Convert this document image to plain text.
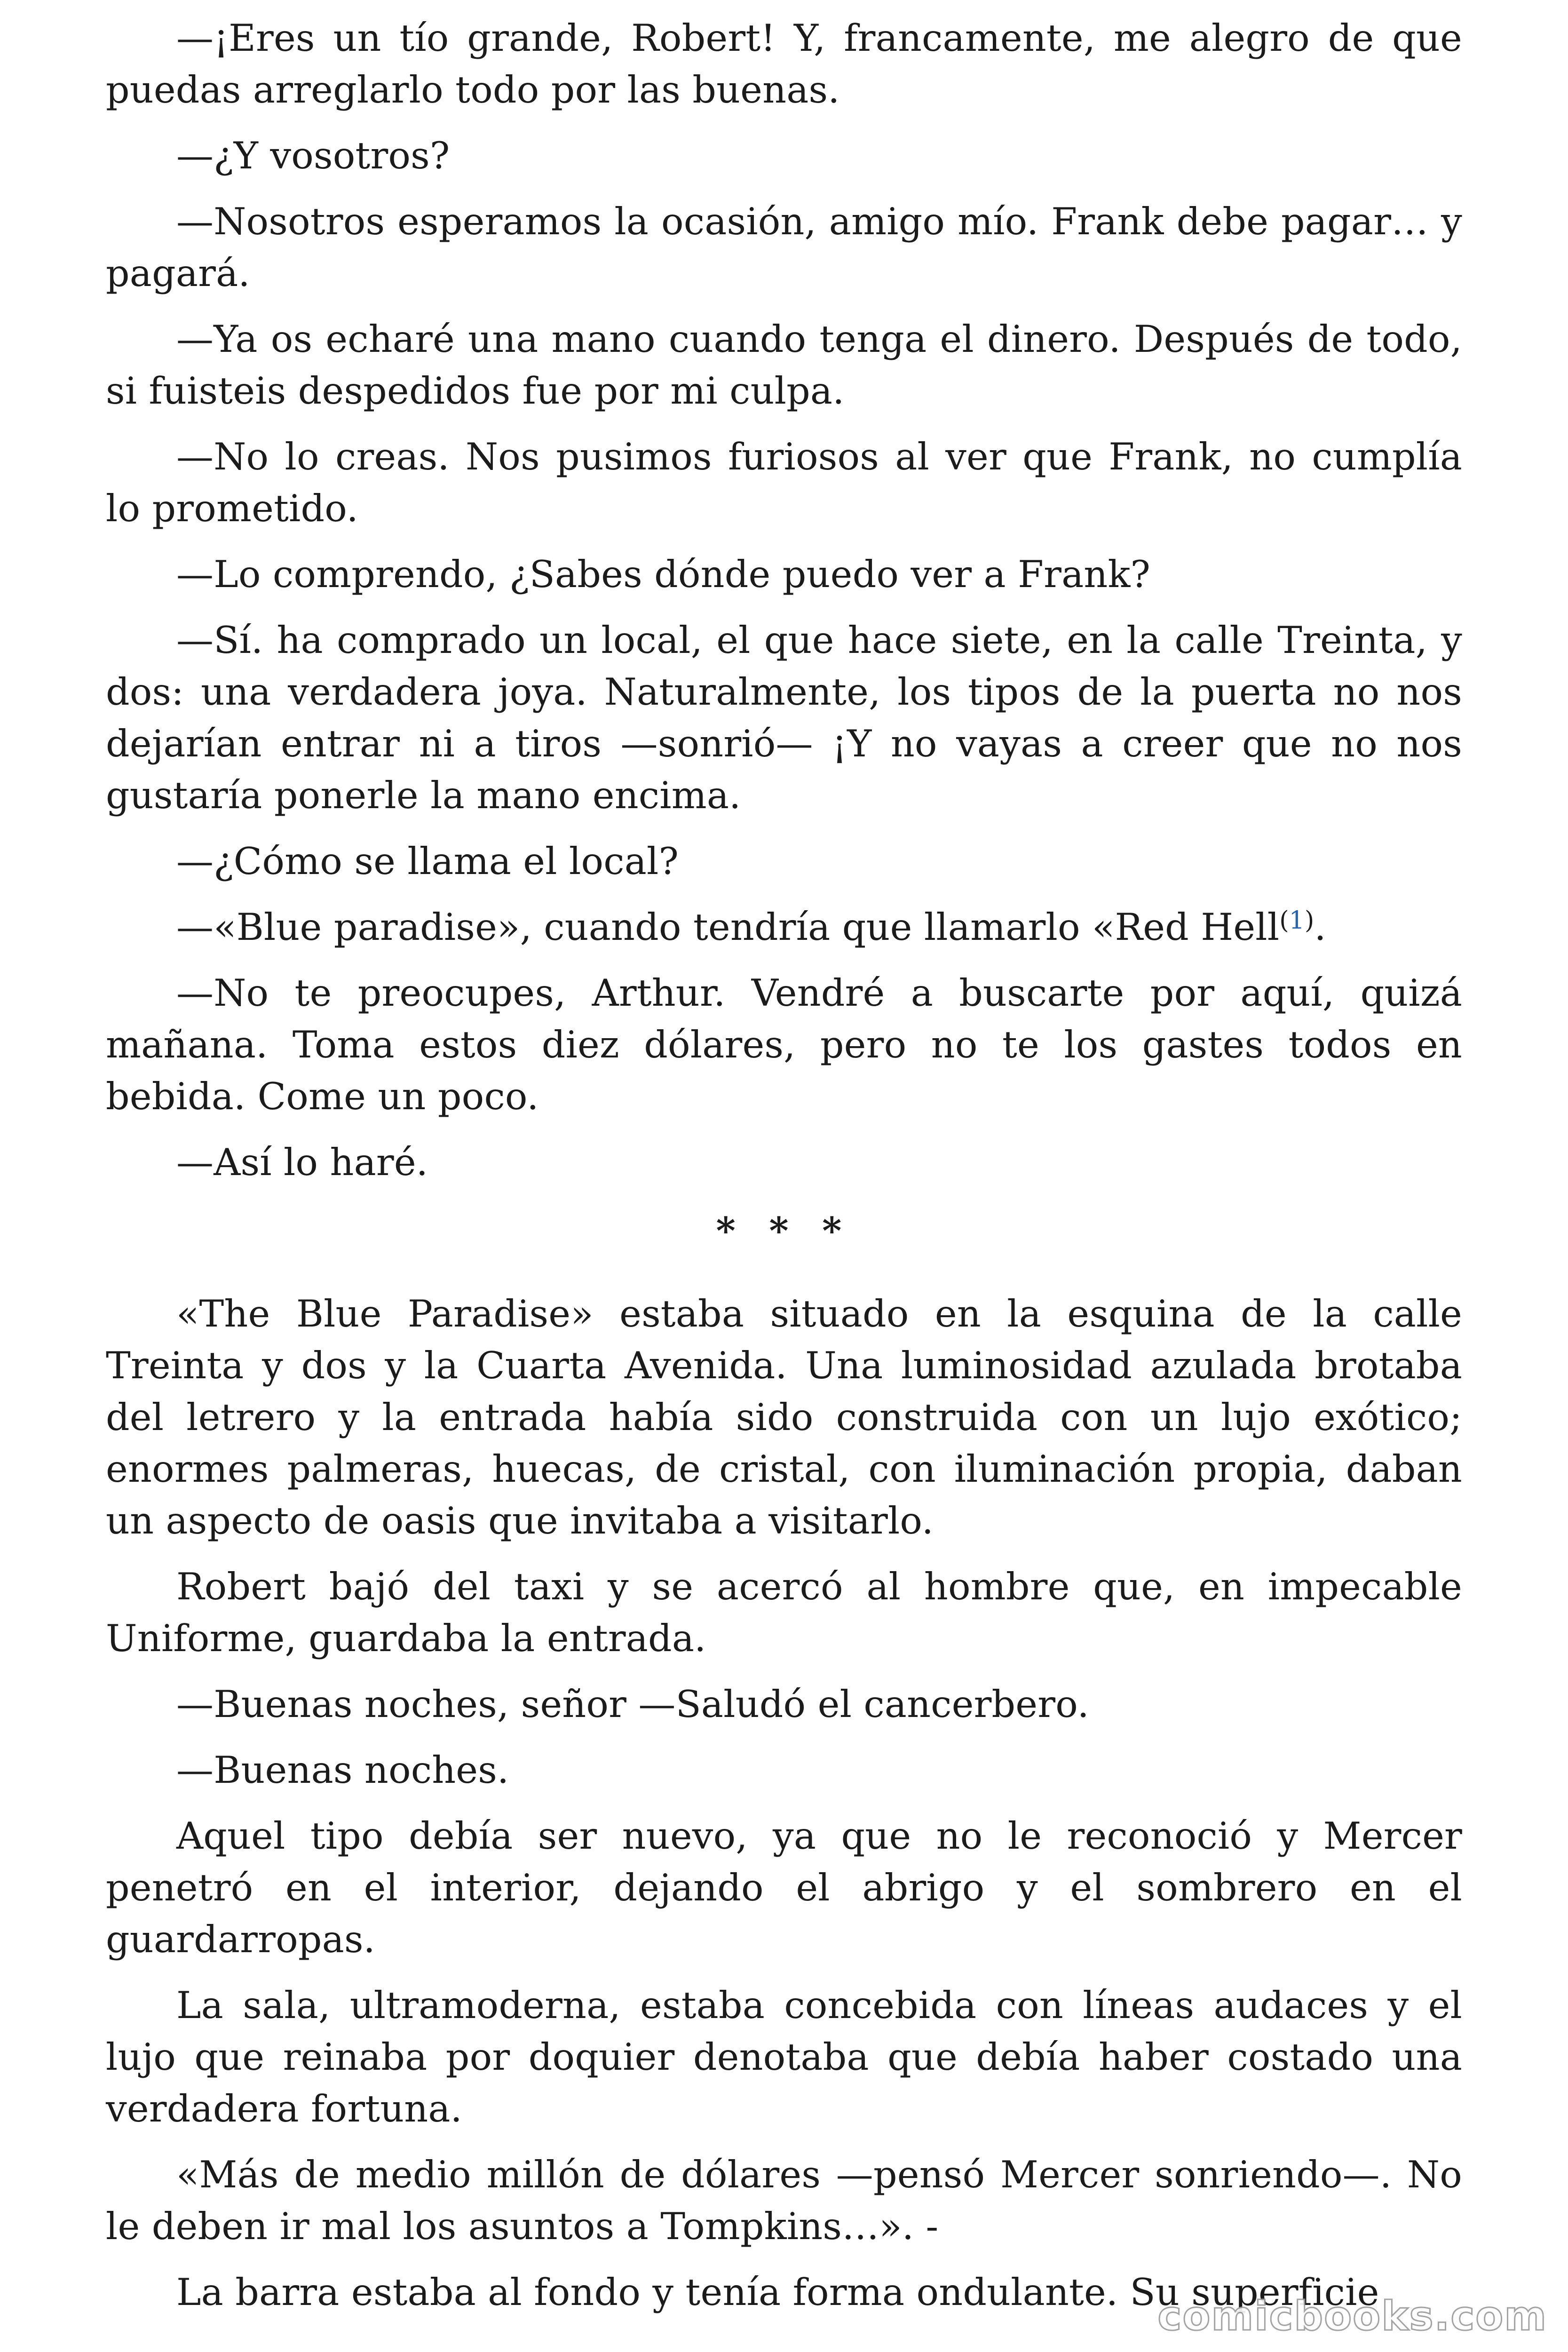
—¡Eres un tío grande, Robert! Y, francamente, me alegro de que puedas arreglarlo todo por las buenas.

—¿Y vosotros?

—Nosotros esperamos la ocasión, amigo mío. Frank debe pagar… y pagará.

—Ya os echaré una mano cuando tenga el dinero. Después de todo, si fuisteis despedidos fue por mi culpa.

—No lo creas. Nos pusimos furiosos al ver que Frank, no cumplía lo prometido.

—Lo comprendo, ¿Sabes dónde puedo ver a Frank?

—Sí. ha comprado un local, el que hace siete, en la calle Treinta, y dos: una verdadera joya. Naturalmente, los tipos de la puerta no nos dejarían entrar ni a tiros —sonrió— ¡Y no vayas a creer que no nos gustaría ponerle la mano encima.

—¿Cómo se llama el local?

—«Blue paradise», cuando tendría que llamarlo «Red Hell$^{(1)}$.

—No te preocupes, Arthur. Vendré a buscarte por aquí, quizá mañana. Toma estos diez dólares, pero no te los gastes todos en bebida. Come un poco.

—Así lo haré.

* * *

«The Blue Paradise» estaba situado en la esquina de la calle Treinta y dos y la Cuarta Avenida. Una luminosidad azulada brotaba del letrero y la entrada había sido construida con un lujo exótico; enormes palmeras, huecas, de cristal, con iluminación propia, daban un aspecto de oasis que invitaba a visitarlo.

Robert bajó del taxi y se acercó al hombre que, en impecable Uniforme, guardaba la entrada.

—Buenas noches, señor —Saludó el cancerbero.

—Buenas noches.

Aquel tipo debía ser nuevo, ya que no le reconoció y Mercer penetró en el interior, dejando el abrigo y el sombrero en el guardarropas.

La sala, ultramoderna, estaba concebida con líneas audaces y el lujo que reinaba por doquier denotaba que debía haber costado una verdadera fortuna.

«Más de medio millón de dólares —pensó Mercer sonriendo—. No le deben ir mal los asuntos a Tompkins…». -

La barra estaba al fondo y tenía forma ondulante. Su superficie

comicbooks.com
